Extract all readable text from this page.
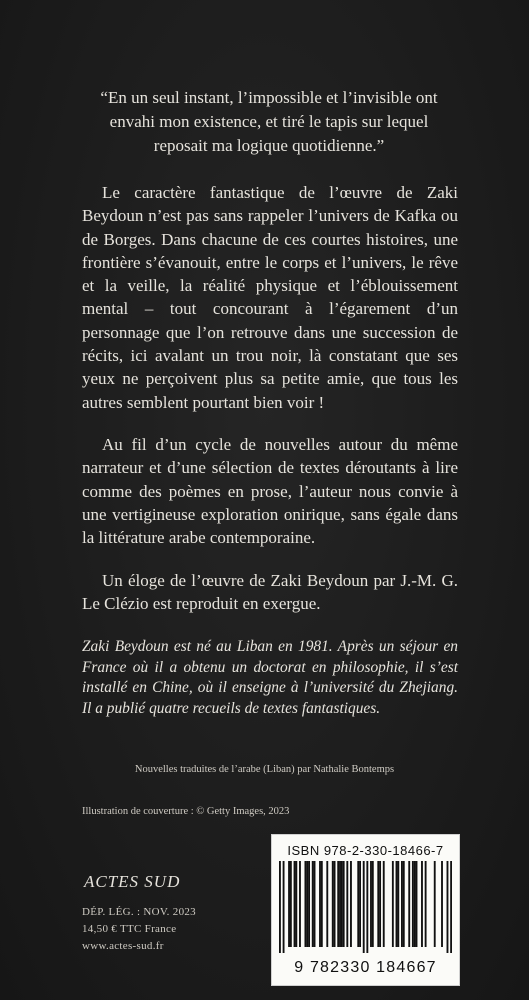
“En un seul instant, l’impossible et l’invisible ont
envahi mon existence, et tiré le tapis sur lequel
reposait ma logique quotidienne.”
Le caractère fantastique de l’œuvre de Zaki Beydoun n’est pas sans rappeler l’univers de Kafka ou de Borges. Dans chacune de ces courtes histoires, une frontière s’évanouit, entre le corps et l’univers, le rêve et la veille, la réalité physique et l’éblouissement mental – tout concourant à l’égarement d’un personnage que l’on retrouve dans une succession de récits, ici avalant un trou noir, là constatant que ses yeux ne perçoivent plus sa petite amie, que tous les autres semblent pourtant bien voir !
Au fil d’un cycle de nouvelles autour du même narrateur et d’une sélection de textes déroutants à lire comme des poèmes en prose, l’auteur nous convie à une vertigineuse exploration onirique, sans égale dans la littérature arabe contemporaine.
Un éloge de l’œuvre de Zaki Beydoun par J.-M. G. Le Clézio est reproduit en exergue.
Zaki Beydoun est né au Liban en 1981. Après un séjour en France où il a obtenu un doctorat en philosophie, il s’est installé en Chine, où il enseigne à l’université du Zhejiang. Il a publié quatre recueils de textes fantastiques.
Nouvelles traduites de l’arabe (Liban) par Nathalie Bontemps
Illustration de couverture : © Getty Images, 2023
ACTES SUD
DÉP. LÉG. : NOV. 2023
14,50 € TTC France
www.actes-sud.fr
ISBN 978-2-330-18466-7
9 782330 184667
